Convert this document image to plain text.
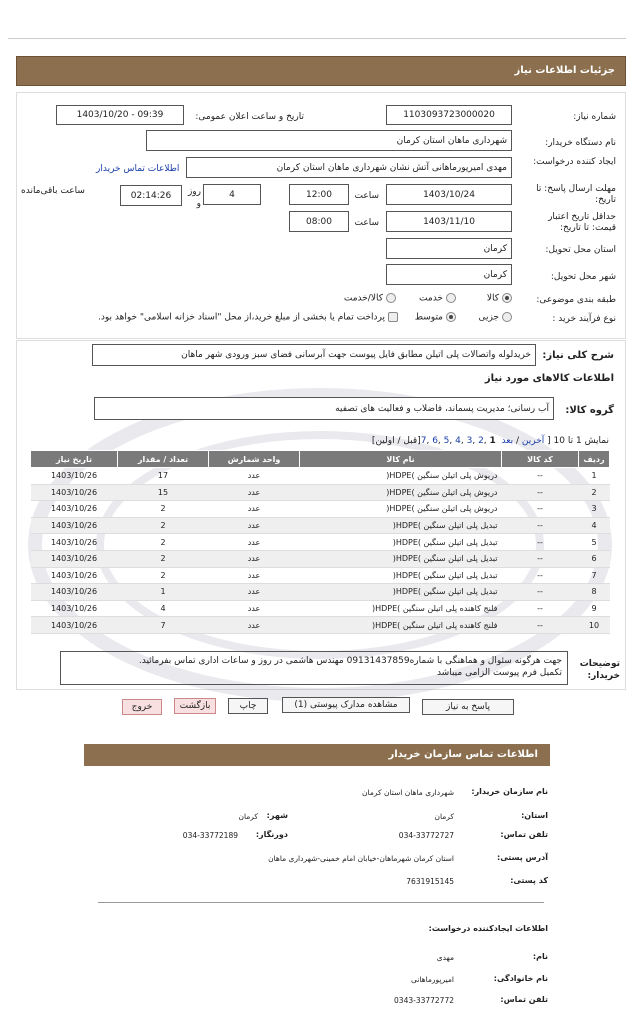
جزئیات اطلاعات نیاز
شماره نیاز:
1103093723000020
تاریخ و ساعت اعلان عمومی:
1403/10/20 - 09:39
نام دستگاه خریدار:
شهرداری ماهان استان کرمان
ایجاد کننده درخواست:
مهدی امیرپورماهانی آتش نشان شهرداری ماهان استان کرمان
اطلاعات تماس خریدار
مهلت ارسال پاسخ: تا تاریخ:
1403/10/24
ساعت
12:00
4
روز و
02:14:26
ساعت باقی‌مانده
حداقل تاریخ اعتبار قیمت: تا تاریخ:
1403/11/10
ساعت
08:00
استان محل تحویل:
کرمان
شهر محل تحویل:
کرمان
طبقه بندی موضوعی:
کالا
خدمت
کالا/خدمت
نوع فرآیند خرید :
جزیی
متوسط
پرداخت تمام یا بخشی از مبلغ خرید،از محل "اسناد خزانه اسلامی" خواهد بود.
شرح کلی نیاز:
خریدلوله واتصالات پلی اتیلن مطابق فایل پیوست جهت آبرسانی فضای سبز ورودی شهر ماهان
اطلاعات کالاهای مورد نیاز
گروه کالا:
آب رسانی؛ مدیریت پسماند، فاضلاب و فعالیت های تصفیه
نمایش 1 تا 10 [ آخرین / بعد 7, 6, 5, 4, 3, 2, 1 [قبل / اولین]
ردیف	کد کالا	نام کالا	واحد شمارش	تعداد / مقدار	تاریخ نیاز
1	--	دریوش پلی اتیلن سنگین )HDPE(	عدد	17	1403/10/26
2	--	دریوش پلی اتیلن سنگین )HDPE(	عدد	15	1403/10/26
3	--	دریوش پلی اتیلن سنگین )HDPE(	عدد	2	1403/10/26
4	--	تبدیل پلی اتیلن سنگین )HDPE(	عدد	2	1403/10/26
5	--	تبدیل پلی اتیلن سنگین )HDPE(	عدد	2	1403/10/26
6	--	تبدیل پلی اتیلن سنگین )HDPE(	عدد	2	1403/10/26
7	--	تبدیل پلی اتیلن سنگین )HDPE(	عدد	2	1403/10/26
8	--	تبدیل پلی اتیلن سنگین )HDPE(	عدد	1	1403/10/26
9	--	فلنج کاهنده پلی اتیلن سنگین )HDPE(	عدد	4	1403/10/26
10	--	فلنج کاهنده پلی اتیلن سنگین )HDPE(	عدد	7	1403/10/26
توضیحات خریدار:
جهت هرگونه سئوال و هماهنگی با شماره09131437859 مهندس هاشمی در روز و ساعات اداری تماس بفرمائید.
تکمیل فرم پیوست الزامی میباشد
پاسخ به نیاز
مشاهده مدارک پیوستی (1)
چاپ
بازگشت
خروج
اطلاعات تماس سازمان خریدار
نام سازمان خریدار:
شهرداری ماهان استان کرمان
استان:
کرمان
شهر:
کرمان
تلفن تماس:
034-33772727
دورنگار:
034-33772189
آدرس پستی:
استان کرمان شهرماهان-خیابان امام خمینی-شهرداری ماهان
کد پستی:
7631915145
اطلاعات ایجادکننده درخواست:
نام:
مهدی
نام خانوادگی:
امیرپورماهانی
تلفن تماس:
0343-33772772
